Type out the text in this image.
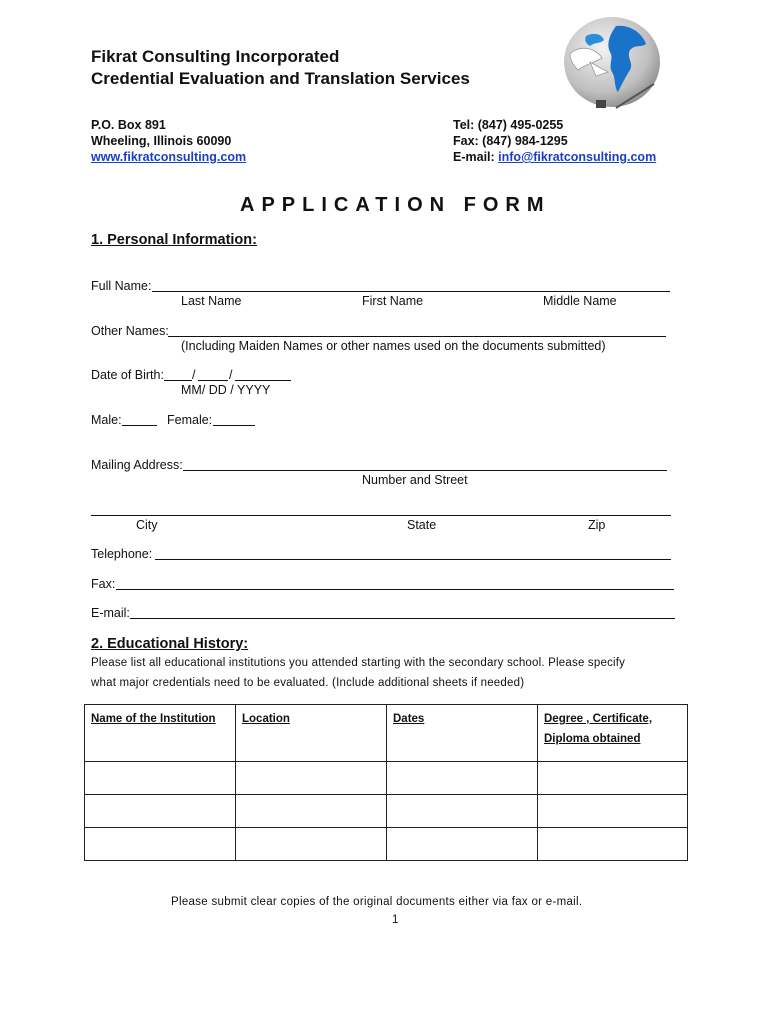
Fikrat Consulting Incorporated
Credential Evaluation and Translation Services
P.O. Box 891
Wheeling, Illinois 60090
www.fikratconsulting.com
Tel: (847) 495-0255
Fax: (847) 984-1295
E-mail: info@fikratconsulting.com
APPLICATION FORM
1. Personal Information:
Full Name:
Last Name	First Name	Middle Name
Other Names:
(Including Maiden Names or other names used on the documents submitted)
Date of Birth: /	/
MM/ DD / YYYY
Male:	Female:
Mailing Address:
Number and Street
City	State	Zip
Telephone:
Fax:
E-mail:
2. Educational History:
Please list all educational institutions you attended starting with the secondary school. Please specify
what major credentials need to be evaluated. (Include additional sheets if needed)
Name of the Institution	Location	Dates	Degree , Certificate,
Diploma obtained

Please submit clear copies of the original documents either via fax or e-mail.
1
